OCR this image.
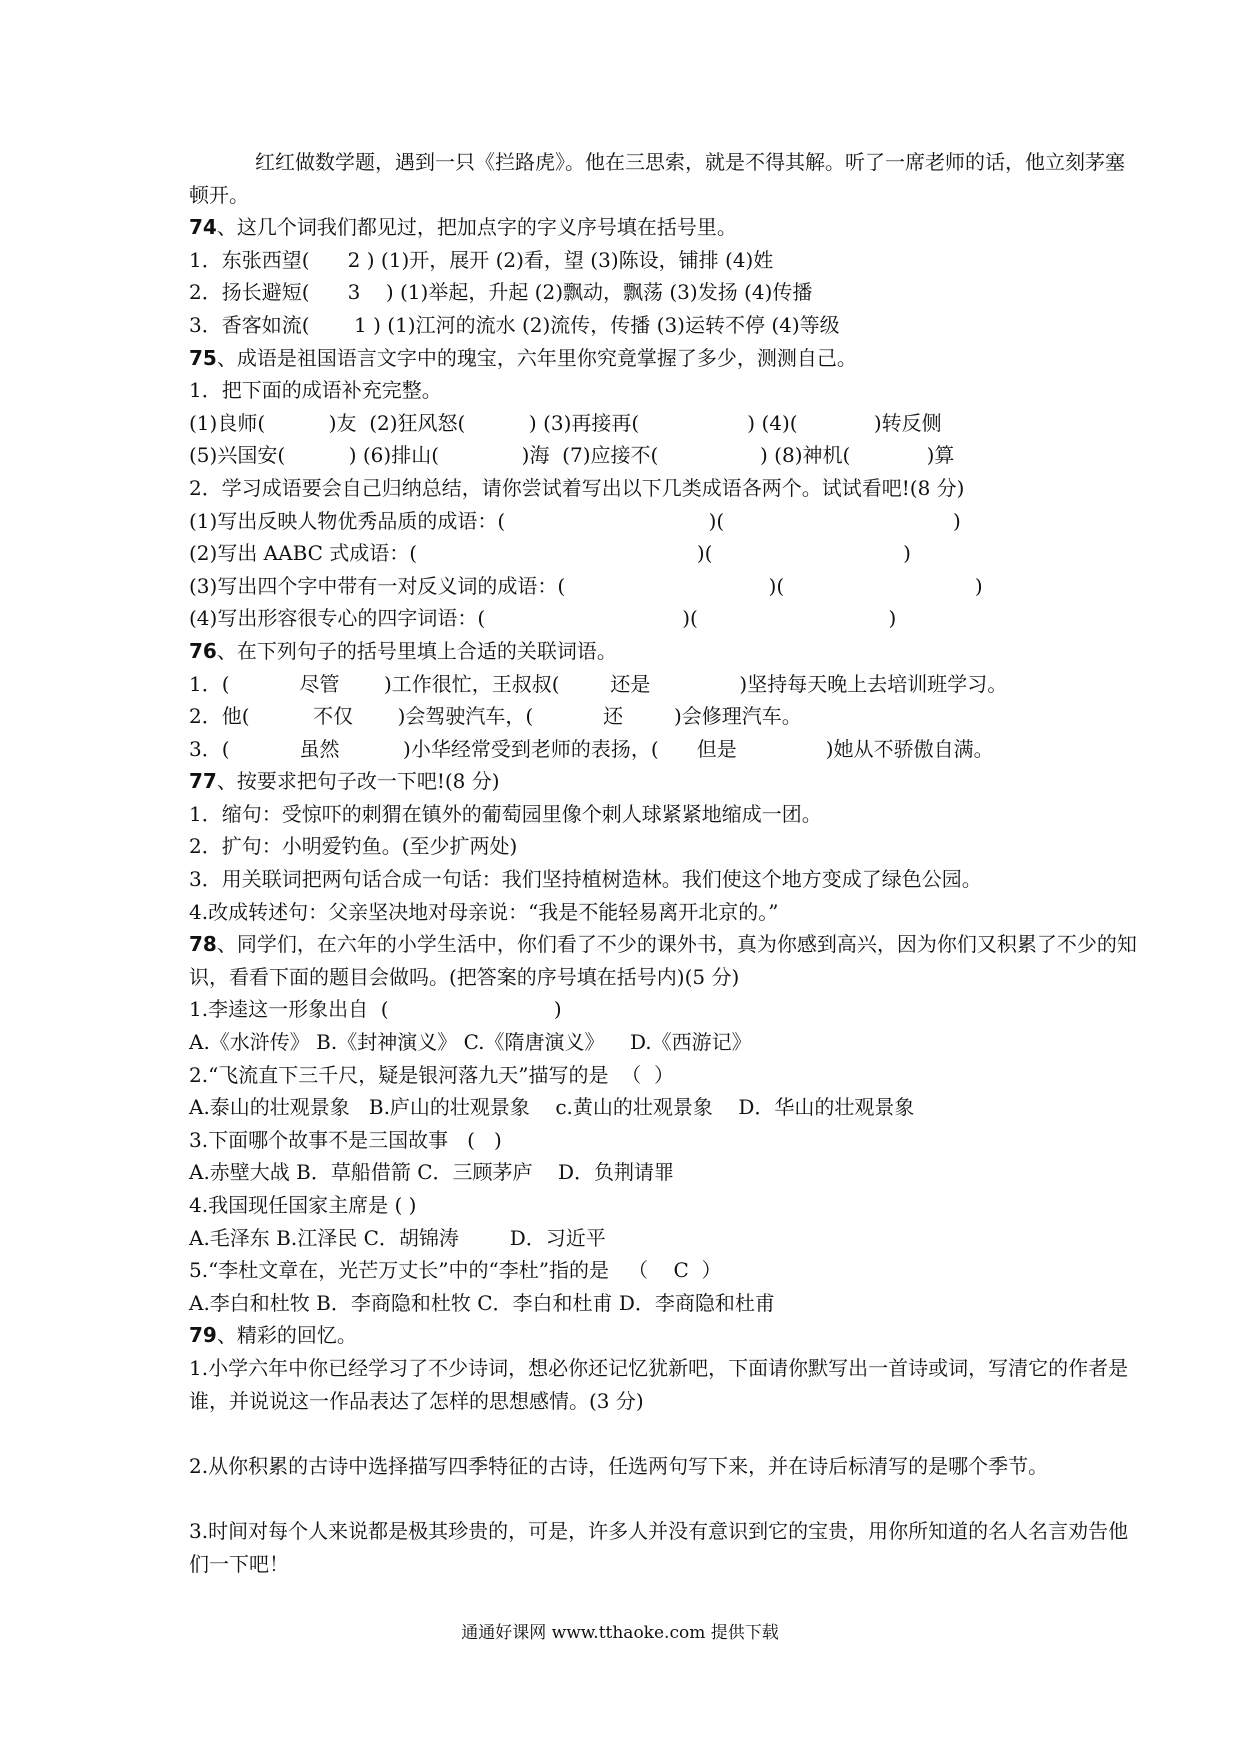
红红做数学题，遇到一只《拦路虎》。他在三思索，就是不得其解。听了一席老师的话，他立刻茅塞顿开。
74、这几个词我们都见过，把加点字的字义序号填在括号里。
1．东张西望(      2 ) (1)开，展开 (2)看，望 (3)陈设，铺排 (4)姓
2．扬长避短(      3    ) (1)举起，升起 (2)飘动，飘荡 (3)发扬 (4)传播
3．香客如流(       1 ) (1)江河的流水 (2)流传，传播 (3)运转不停 (4)等级
75、成语是祖国语言文字中的瑰宝，六年里你究竟掌握了多少，测测自己。
1．把下面的成语补充完整。
(1)良师(          )友  (2)狂风怒(          ) (3)再接再(                 ) (4)(            )转反侧
(5)兴国安(          ) (6)排山(             )海  (7)应接不(                ) (8)神机(            )算
2．学习成语要会自己归纳总结，请你尝试着写出以下几类成语各两个。试试看吧!(8 分)
(1)写出反映人物优秀品质的成语：(                                )(                                    )
(2)写出 AABC 式成语：(                                            )(                              )
(3)写出四个字中带有一对反义词的成语：(                                )(                              )
(4)写出形容很专心的四字词语：(                               )(                              )
76、在下列句子的括号里填上合适的关联词语。
1．(           尽管       )工作很忙，王叔叔(        还是              )坚持每天晚上去培训班学习。
2．他(          不仅       )会驾驶汽车，(           还        )会修理汽车。
3．(           虽然          )小华经常受到老师的表扬，(      但是              )她从不骄傲自满。
77、按要求把句子改一下吧!(8 分)
1．缩句：受惊吓的刺猬在镇外的葡萄园里像个刺人球紧紧地缩成一团。
2．扩句：小明爱钓鱼。(至少扩两处)
3．用关联词把两句话合成一句话：我们坚持植树造林。我们使这个地方变成了绿色公园。
4.改成转述句：父亲坚决地对母亲说：“我是不能轻易离开北京的。”
78、同学们，在六年的小学生活中，你们看了不少的课外书，真为你感到高兴，因为你们又积累了不少的知识，看看下面的题目会做吗。(把答案的序号填在括号内)(5 分)
1.李逵这一形象出自  (                          )
A.《水浒传》 B.《封神演义》 C.《隋唐演义》    D.《西游记》
2.“飞流直下三千尺，疑是银河落九天”描写的是  （  ）
A.泰山的壮观景象   B.庐山的壮观景象    c.黄山的壮观景象    D．华山的壮观景象
3.下面哪个故事不是三国故事   (   )
A.赤壁大战 B．草船借箭 C．三顾茅庐    D．负荆请罪
4.我国现任国家主席是 ( )
A.毛泽东 B.江泽民 C．胡锦涛        D．习近平
5.“李杜文章在，光芒万丈长”中的“李杜”指的是   （    C  ）
A.李白和杜牧 B．李商隐和杜牧 C．李白和杜甫 D．李商隐和杜甫
79、精彩的回忆。
1.小学六年中你已经学习了不少诗词，想必你还记忆犹新吧，下面请你默写出一首诗或词，写清它的作者是谁，并说说这一作品表达了怎样的思想感情。(3 分)
2.从你积累的古诗中选择描写四季特征的古诗，任选两句写下来，并在诗后标清写的是哪个季节。
3.时间对每个人来说都是极其珍贵的，可是，许多人并没有意识到它的宝贵，用你所知道的名人名言劝告他们一下吧！
通通好课网 www.tthaoke.com 提供下载
